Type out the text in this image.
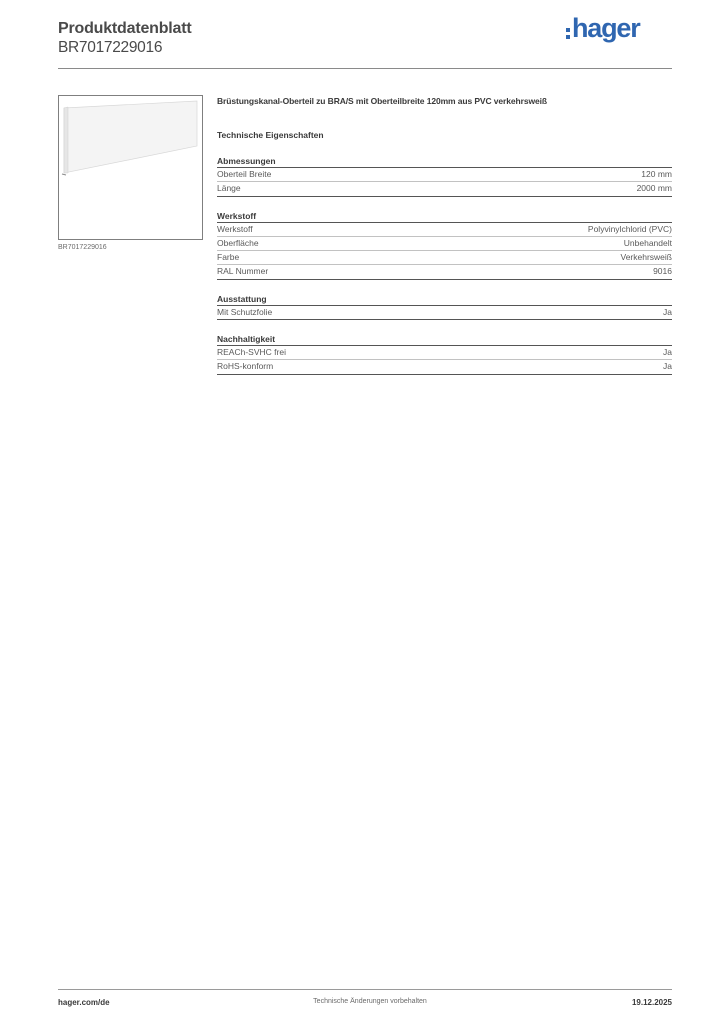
Produktdatenblatt
BR7017229016
hager
BR7017229016
Brüstungskanal-Oberteil zu BRA/S mit Oberteilbreite 120mm aus PVC verkehrsweiß
Technische Eigenschaften
Abmessungen
Oberteil Breite	120 mm
Länge	2000 mm
Werkstoff
Werkstoff	Polyvinylchlorid (PVC)
Oberfläche	Unbehandelt
Farbe	Verkehrsweiß
RAL Nummer	9016
Ausstattung
Mit Schutzfolie	Ja
Nachhaltigkeit
REACh-SVHC frei	Ja
RoHS-konform	Ja
hager.com/de	Technische Änderungen vorbehalten	19.12.2025
